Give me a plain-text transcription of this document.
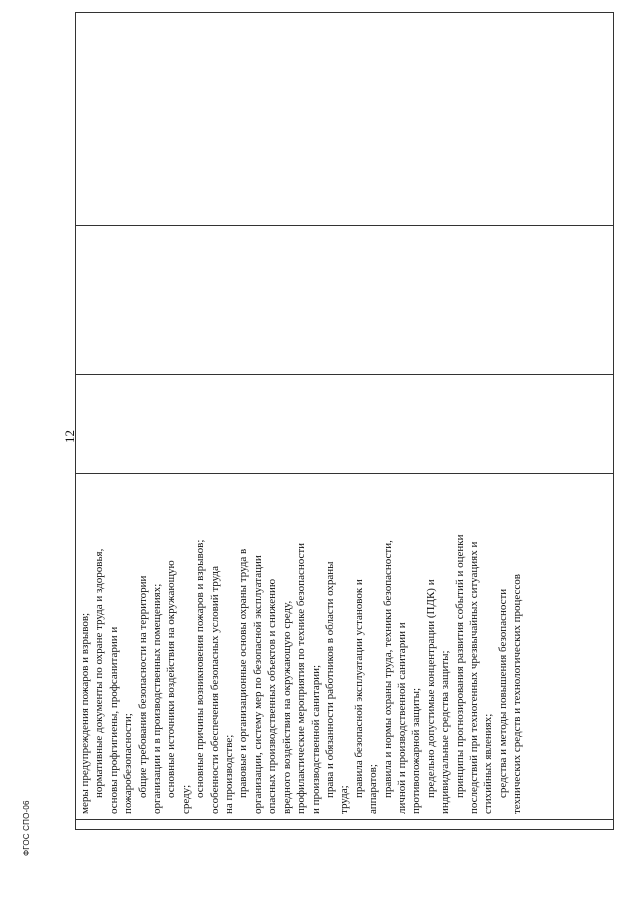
12

меры предупреждения пожаров и взрывов; нормативные документы по охране труда и здоровья, основы профгигиены, профсанитарии и пожаробезопасности; общие требования безопасности на территории организации и в производственных помещениях; основные источники воздействия на окружающую
среду;
основные причины возникновения пожаров и взрывов; особенности обеспечения безопасных условий труда на производстве; правовые и организационные основы охраны труда в организации, систему мер по безопасной эксплуатации опасных производственных объектов и снижению вредного воздействия на окружающую среду, профилактические мероприятия по технике безопасности и производственной санитарии; права и обязанности работников в области охраны
труда;
правила безопасной эксплуатации установок и аппаратов; правила и нормы охраны труда, техники безопасности, личной и производственной санитарии и противопожарной защиты; предельно допустимые концентрации (ПДК) и индивидуальные средства защиты; принципы прогнозирования развития событий и оценки последствий при техногенных чрезвычайных ситуациях и стихийных явлениях; средства и методы повышения безопасности технических средств и технологических процессов

ФГОС СПО-06
